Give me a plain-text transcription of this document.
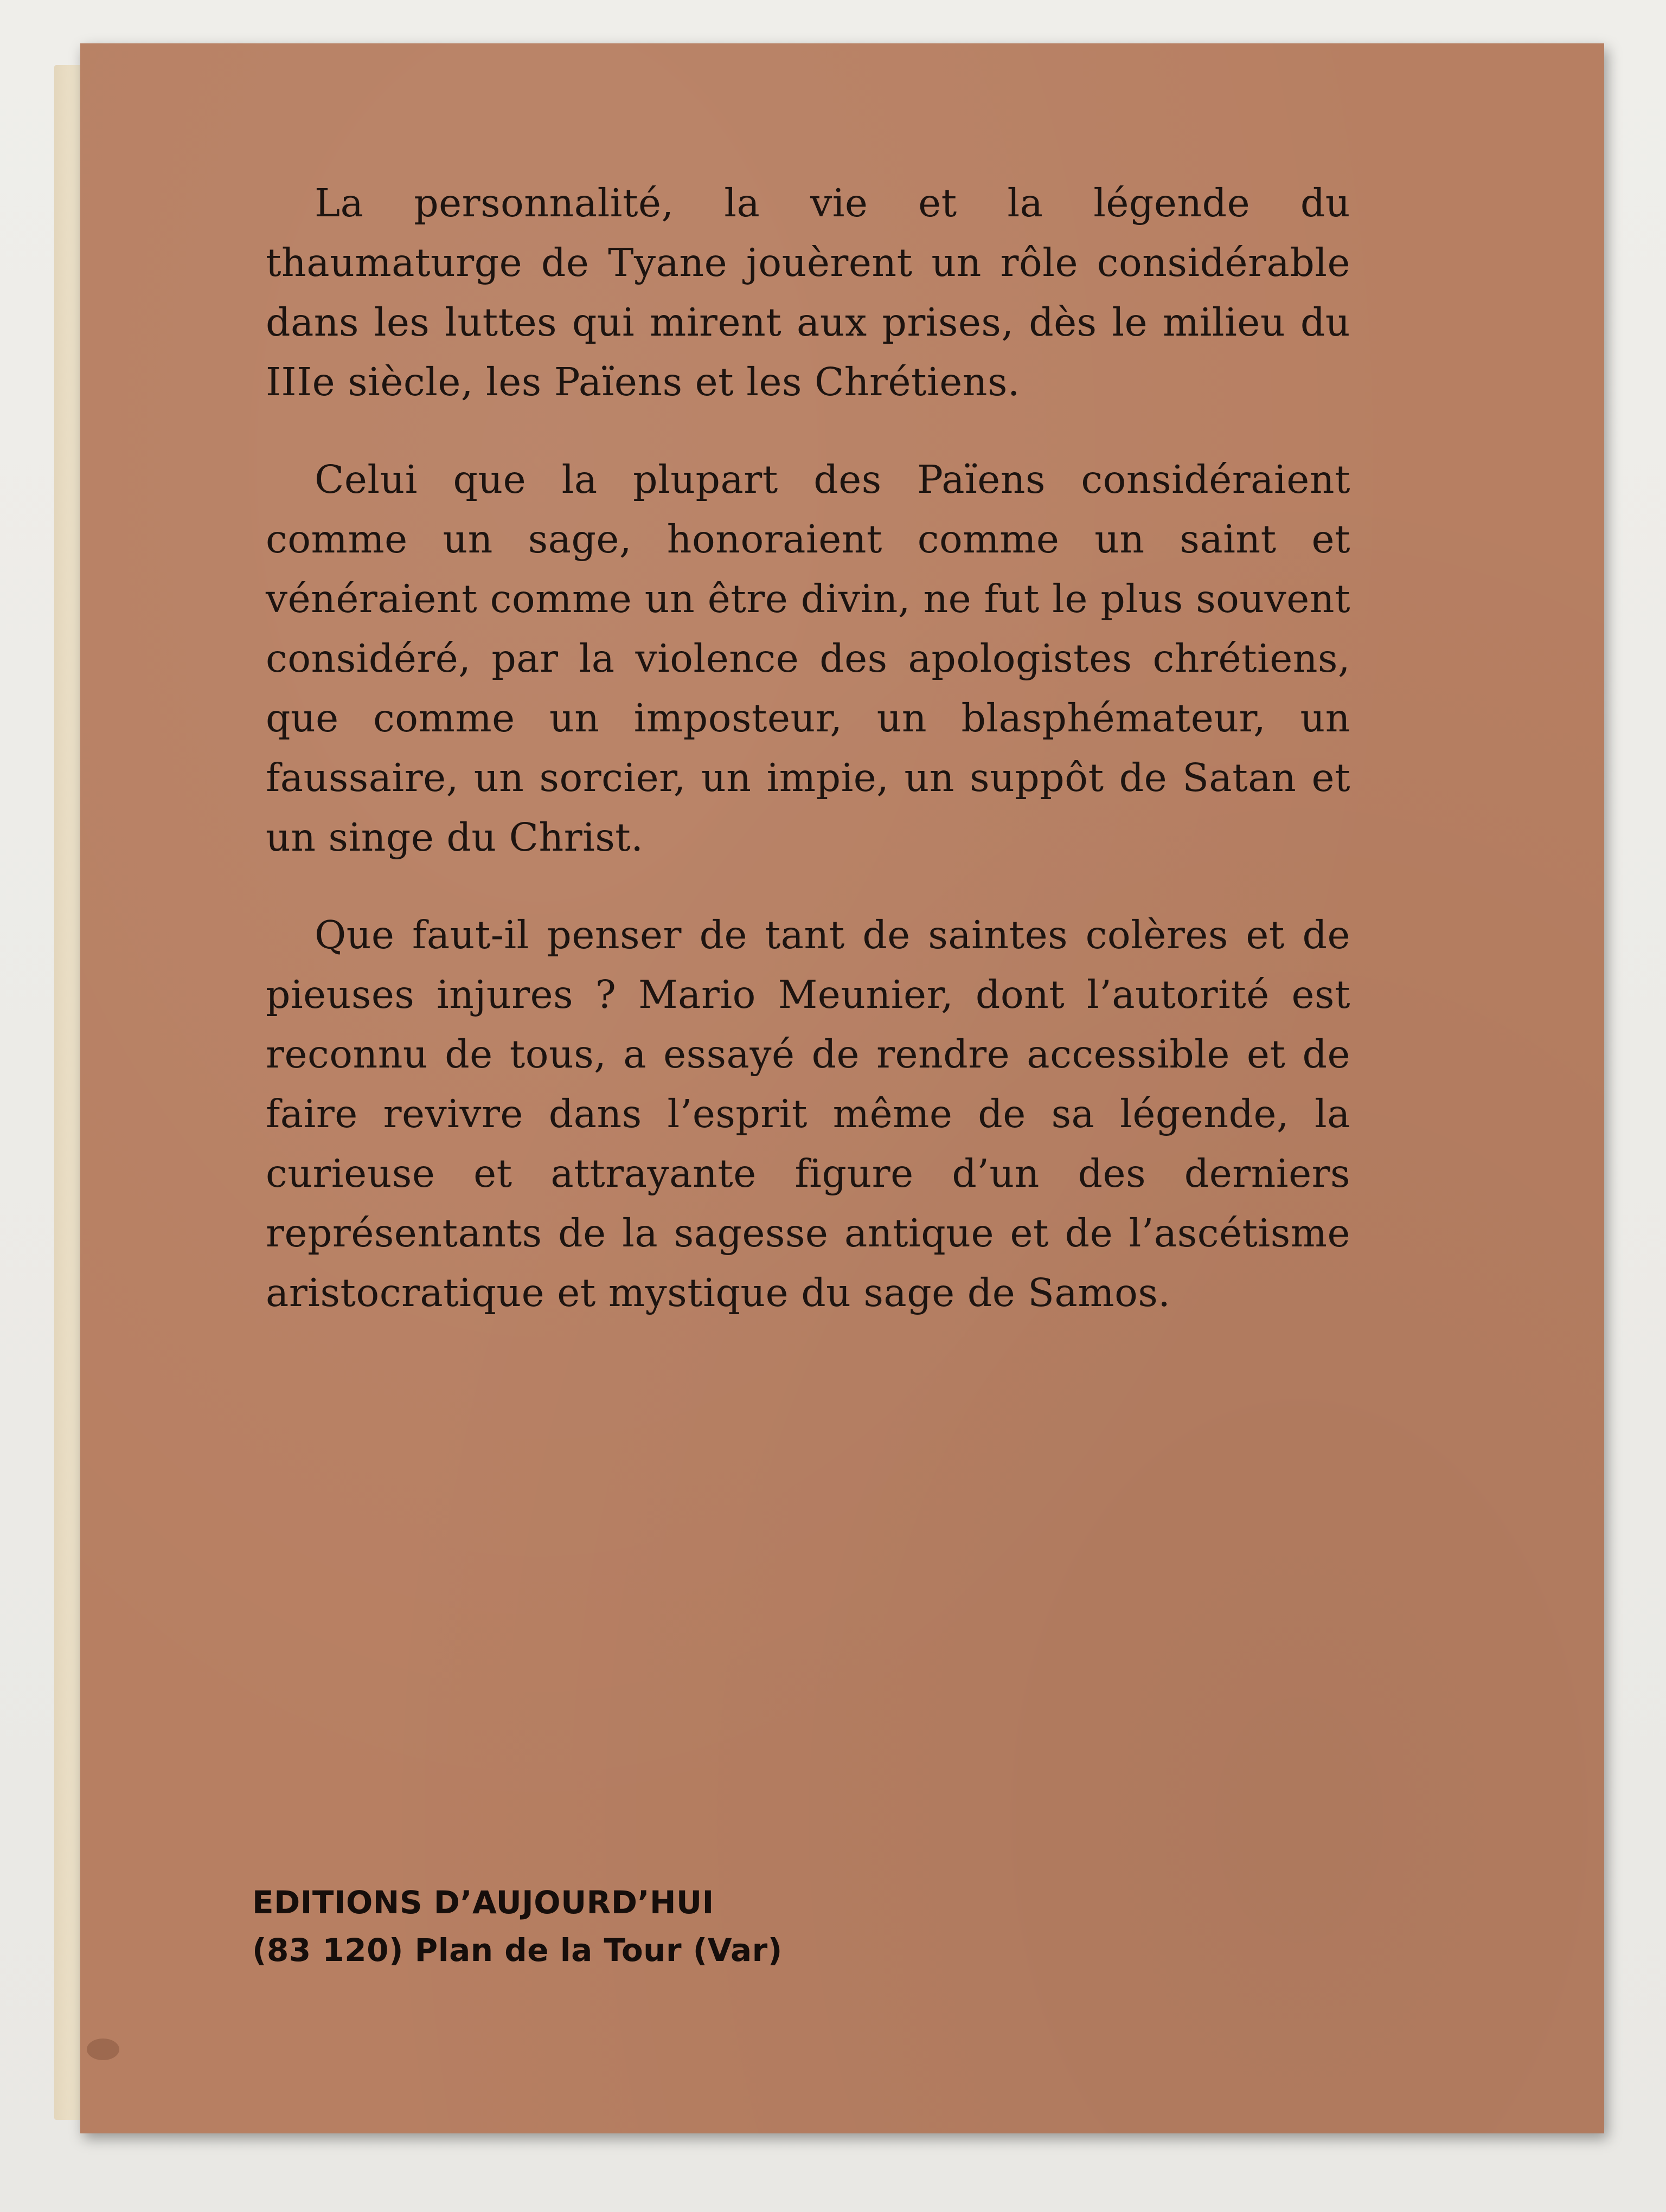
La personnalité, la vie et la légende du thaumaturge de Tyane jouèrent un rôle considérable dans les luttes qui mirent aux prises, dès le milieu du IIIe siècle, les Païens et les Chrétiens.

Celui que la plupart des Païens considéraient comme un sage, honoraient comme un saint et vénéraient comme un être divin, ne fut le plus souvent considéré, par la violence des apologistes chrétiens, que comme un imposteur, un blasphémateur, un faussaire, un sorcier, un impie, un suppôt de Satan et un singe du Christ.

Que faut-il penser de tant de saintes colères et de pieuses injures ? Mario Meunier, dont l’autorité est reconnu de tous, a essayé de rendre accessible et de faire revivre dans l’esprit même de sa légende, la curieuse et attrayante figure d’un des derniers représentants de la sagesse antique et de l’ascétisme aristocratique et mystique du sage de Samos.

EDITIONS D’AUJOURD’HUI
(83 120) Plan de la Tour (Var)
